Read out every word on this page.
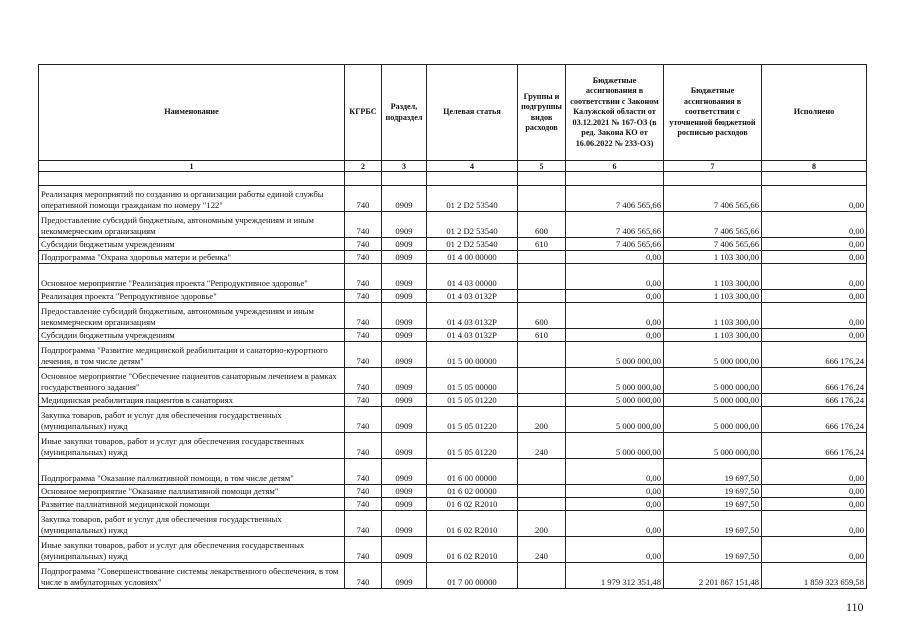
Наименование	КГРБС	Раздел, подраздел	Целевая статья	Группы и подгруппы видов расходов	Бюджетные ассигнования в соответствии с Законом Калужской области от 03.12.2021 № 167-ОЗ (в ред. Закона КО от 16.06.2022 № 233-ОЗ)	Бюджетные ассигнования в соответствии с уточненной бюджетной росписью расходов	Исполнено
1	2	3	4	5	6	7	8

Реализация мероприятий по созданию и организации работы единой службы оперативной помощи гражданам по номеру "122"	740	0909	01 2 D2 53540		7 406 565,66	7 406 565,66	0,00
Предоставление субсидий бюджетным, автономным учреждениям и иным некоммерческим организациям	740	0909	01 2 D2 53540	600	7 406 565,66	7 406 565,66	0,00
Субсидии бюджетным учреждениям	740	0909	01 2 D2 53540	610	7 406 565,66	7 406 565,66	0,00
Подпрограмма "Охрана здоровья матери и ребенка"	740	0909	01 4 00 00000		0,00	1 103 300,00	0,00
Основное мероприятие "Реализация проекта "Репродуктивное здоровье"	740	0909	01 4 03 00000		0,00	1 103 300,00	0,00
Реализация проекта "Репродуктивное здоровье"	740	0909	01 4 03 0132P		0,00	1 103 300,00	0,00
Предоставление субсидий бюджетным, автономным учреждениям и иным некоммерческим организациям	740	0909	01 4 03 0132P	600	0,00	1 103 300,00	0,00
Субсидии бюджетным учреждениям	740	0909	01 4 03 0132P	610	0,00	1 103 300,00	0,00
Подпрограмма "Развитие медицинской реабилитации и санаторно-курортного лечения, в том числе детям"	740	0909	01 5 00 00000		5 000 000,00	5 000 000,00	666 176,24
Основное мероприятие "Обеспечение пациентов санаторным лечением в рамках государственного задания"	740	0909	01 5 05 00000		5 000 000,00	5 000 000,00	666 176,24
Медицинская реабилитация пациентов в санаториях	740	0909	01 5 05 01220		5 000 000,00	5 000 000,00	666 176,24
Закупка товаров, работ и услуг для обеспечения государственных (муниципальных) нужд	740	0909	01 5 05 01220	200	5 000 000,00	5 000 000,00	666 176,24
Иные закупки товаров, работ и услуг для обеспечения государственных (муниципальных) нужд	740	0909	01 5 05 01220	240	5 000 000,00	5 000 000,00	666 176,24
Подпрограмма "Оказание паллиативной помощи, в том числе детям"	740	0909	01 6 00 00000		0,00	19 697,50	0,00
Основное мероприятие "Оказание паллиативной помощи детям"	740	0909	01 6 02 00000		0,00	19 697,50	0,00
Развитие паллиативной медицинской помощи	740	0909	01 6 02 R2010		0,00	19 697,50	0,00
Закупка товаров, работ и услуг для обеспечения государственных (муниципальных) нужд	740	0909	01 6 02 R2010	200	0,00	19 697,50	0,00
Иные закупки товаров, работ и услуг для обеспечения государственных (муниципальных) нужд	740	0909	01 6 02 R2010	240	0,00	19 697,50	0,00
Подпрограмма "Совершенствование системы лекарственного обеспечения, в том числе в амбулаторных условиях"	740	0909	01 7 00 00000		1 979 312 351,48	2 201 867 151,48	1 859 323 659,58
110
